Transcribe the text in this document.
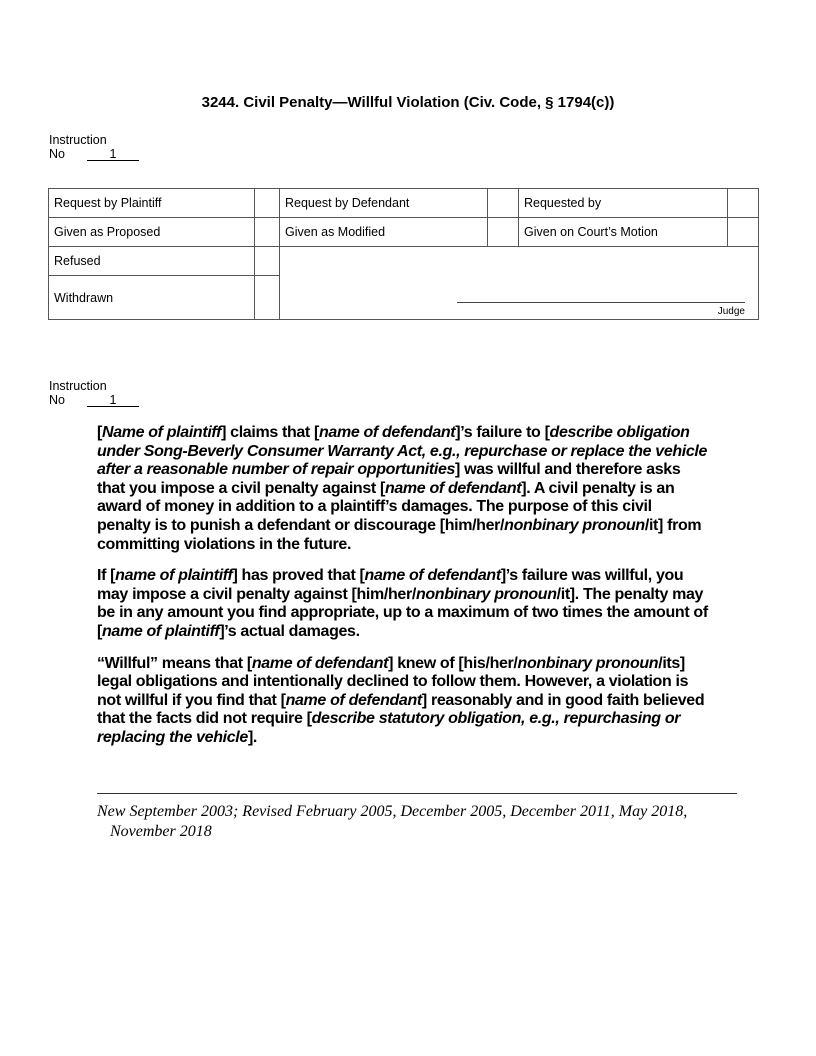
3244. Civil Penalty—Willful Violation (Civ. Code, § 1794(c))
Instruction
No	1
Request by Plaintiff		Request by Defendant		Requested by	
Given as Proposed		Given as Modified		Given on Court’s Motion	
Refused		Judge			

Withdrawn					
Instruction
No	1
[Name of plaintiff] claims that [name of defendant]’s failure to [describe obligation
under Song-Beverly Consumer Warranty Act, e.g., repurchase or replace the vehicle
after a reasonable number of repair opportunities] was willful and therefore asks
that you impose a civil penalty against [name of defendant]. A civil penalty is an
award of money in addition to a plaintiff’s damages. The purpose of this civil
penalty is to punish a defendant or discourage [him/her/nonbinary pronoun/it] from
committing violations in the future.
If [name of plaintiff] has proved that [name of defendant]’s failure was willful, you
may impose a civil penalty against [him/her/nonbinary pronoun/it]. The penalty may
be in any amount you find appropriate, up to a maximum of two times the amount of
[name of plaintiff]’s actual damages.
“Willful” means that [name of defendant] knew of [his/her/nonbinary pronoun/its]
legal obligations and intentionally declined to follow them. However, a violation is
not willful if you find that [name of defendant] reasonably and in good faith believed
that the facts did not require [describe statutory obligation, e.g., repurchasing or
replacing the vehicle].
New September 2003; Revised February 2005, December 2005, December 2011, May 2018,
November 2018
